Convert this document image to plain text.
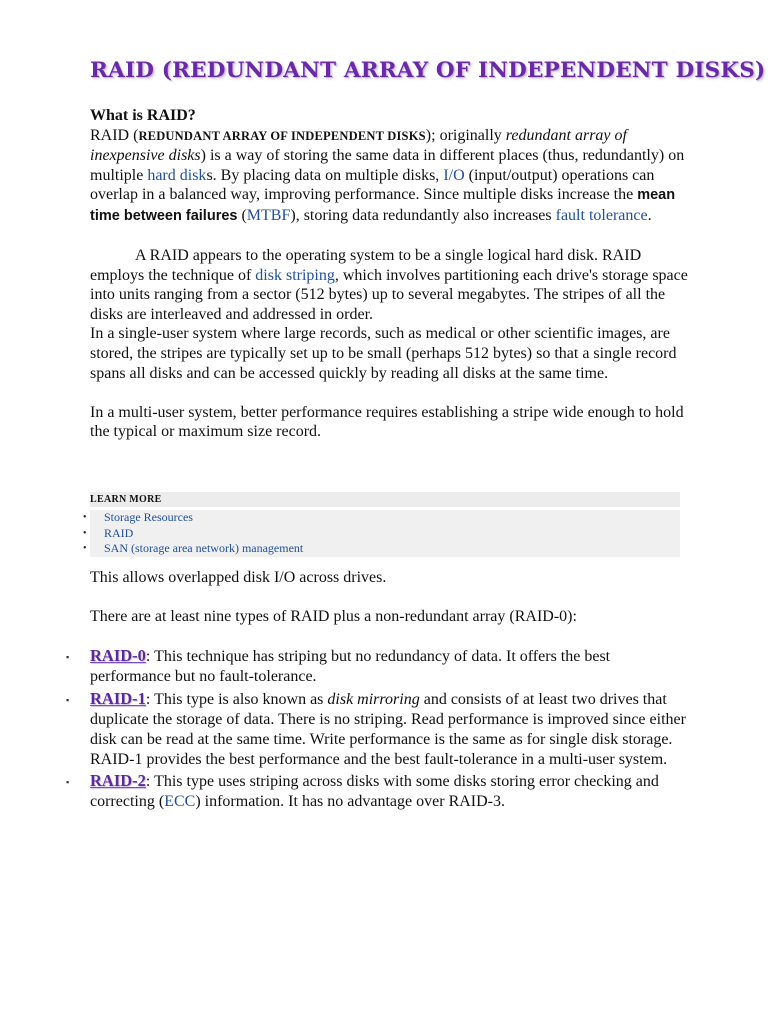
RAID (REDUNDANT ARRAY OF INDEPENDENT DISKS)

What is RAID?

RAID (REDUNDANT ARRAY OF INDEPENDENT DISKS); originally redundant array of inexpensive disks) is a way of storing the same data in different places (thus, redundantly) on multiple hard disks. By placing data on multiple disks, I/O (input/output) operations can overlap in a balanced way, improving performance. Since multiple disks increase the mean time between failures (MTBF), storing data redundantly also increases fault tolerance.

A RAID appears to the operating system to be a single logical hard disk. RAID employs the technique of disk striping, which involves partitioning each drive's storage space into units ranging from a sector (512 bytes) up to several megabytes. The stripes of all the disks are interleaved and addressed in order.

In a single-user system where large records, such as medical or other scientific images, are stored, the stripes are typically set up to be small (perhaps 512 bytes) so that a single record spans all disks and can be accessed quickly by reading all disks at the same time.

In a multi-user system, better performance requires establishing a stripe wide enough to hold the typical or maximum size record.

LEARN MORE
•
Storage Resources
•
RAID
•
SAN (storage area network) management

This allows overlapped disk I/O across drives.

There are at least nine types of RAID plus a non-redundant array (RAID-0):

▪
RAID-0: This technique has striping but no redundancy of data. It offers the best performance but no fault-tolerance.
▪
RAID-1: This type is also known as disk mirroring and consists of at least two drives that duplicate the storage of data. There is no striping. Read performance is improved since either disk can be read at the same time. Write performance is the same as for single disk storage. RAID-1 provides the best performance and the best fault-tolerance in a multi-user system.
▪
RAID-2: This type uses striping across disks with some disks storing error checking and correcting (ECC) information. It has no advantage over RAID-3.
